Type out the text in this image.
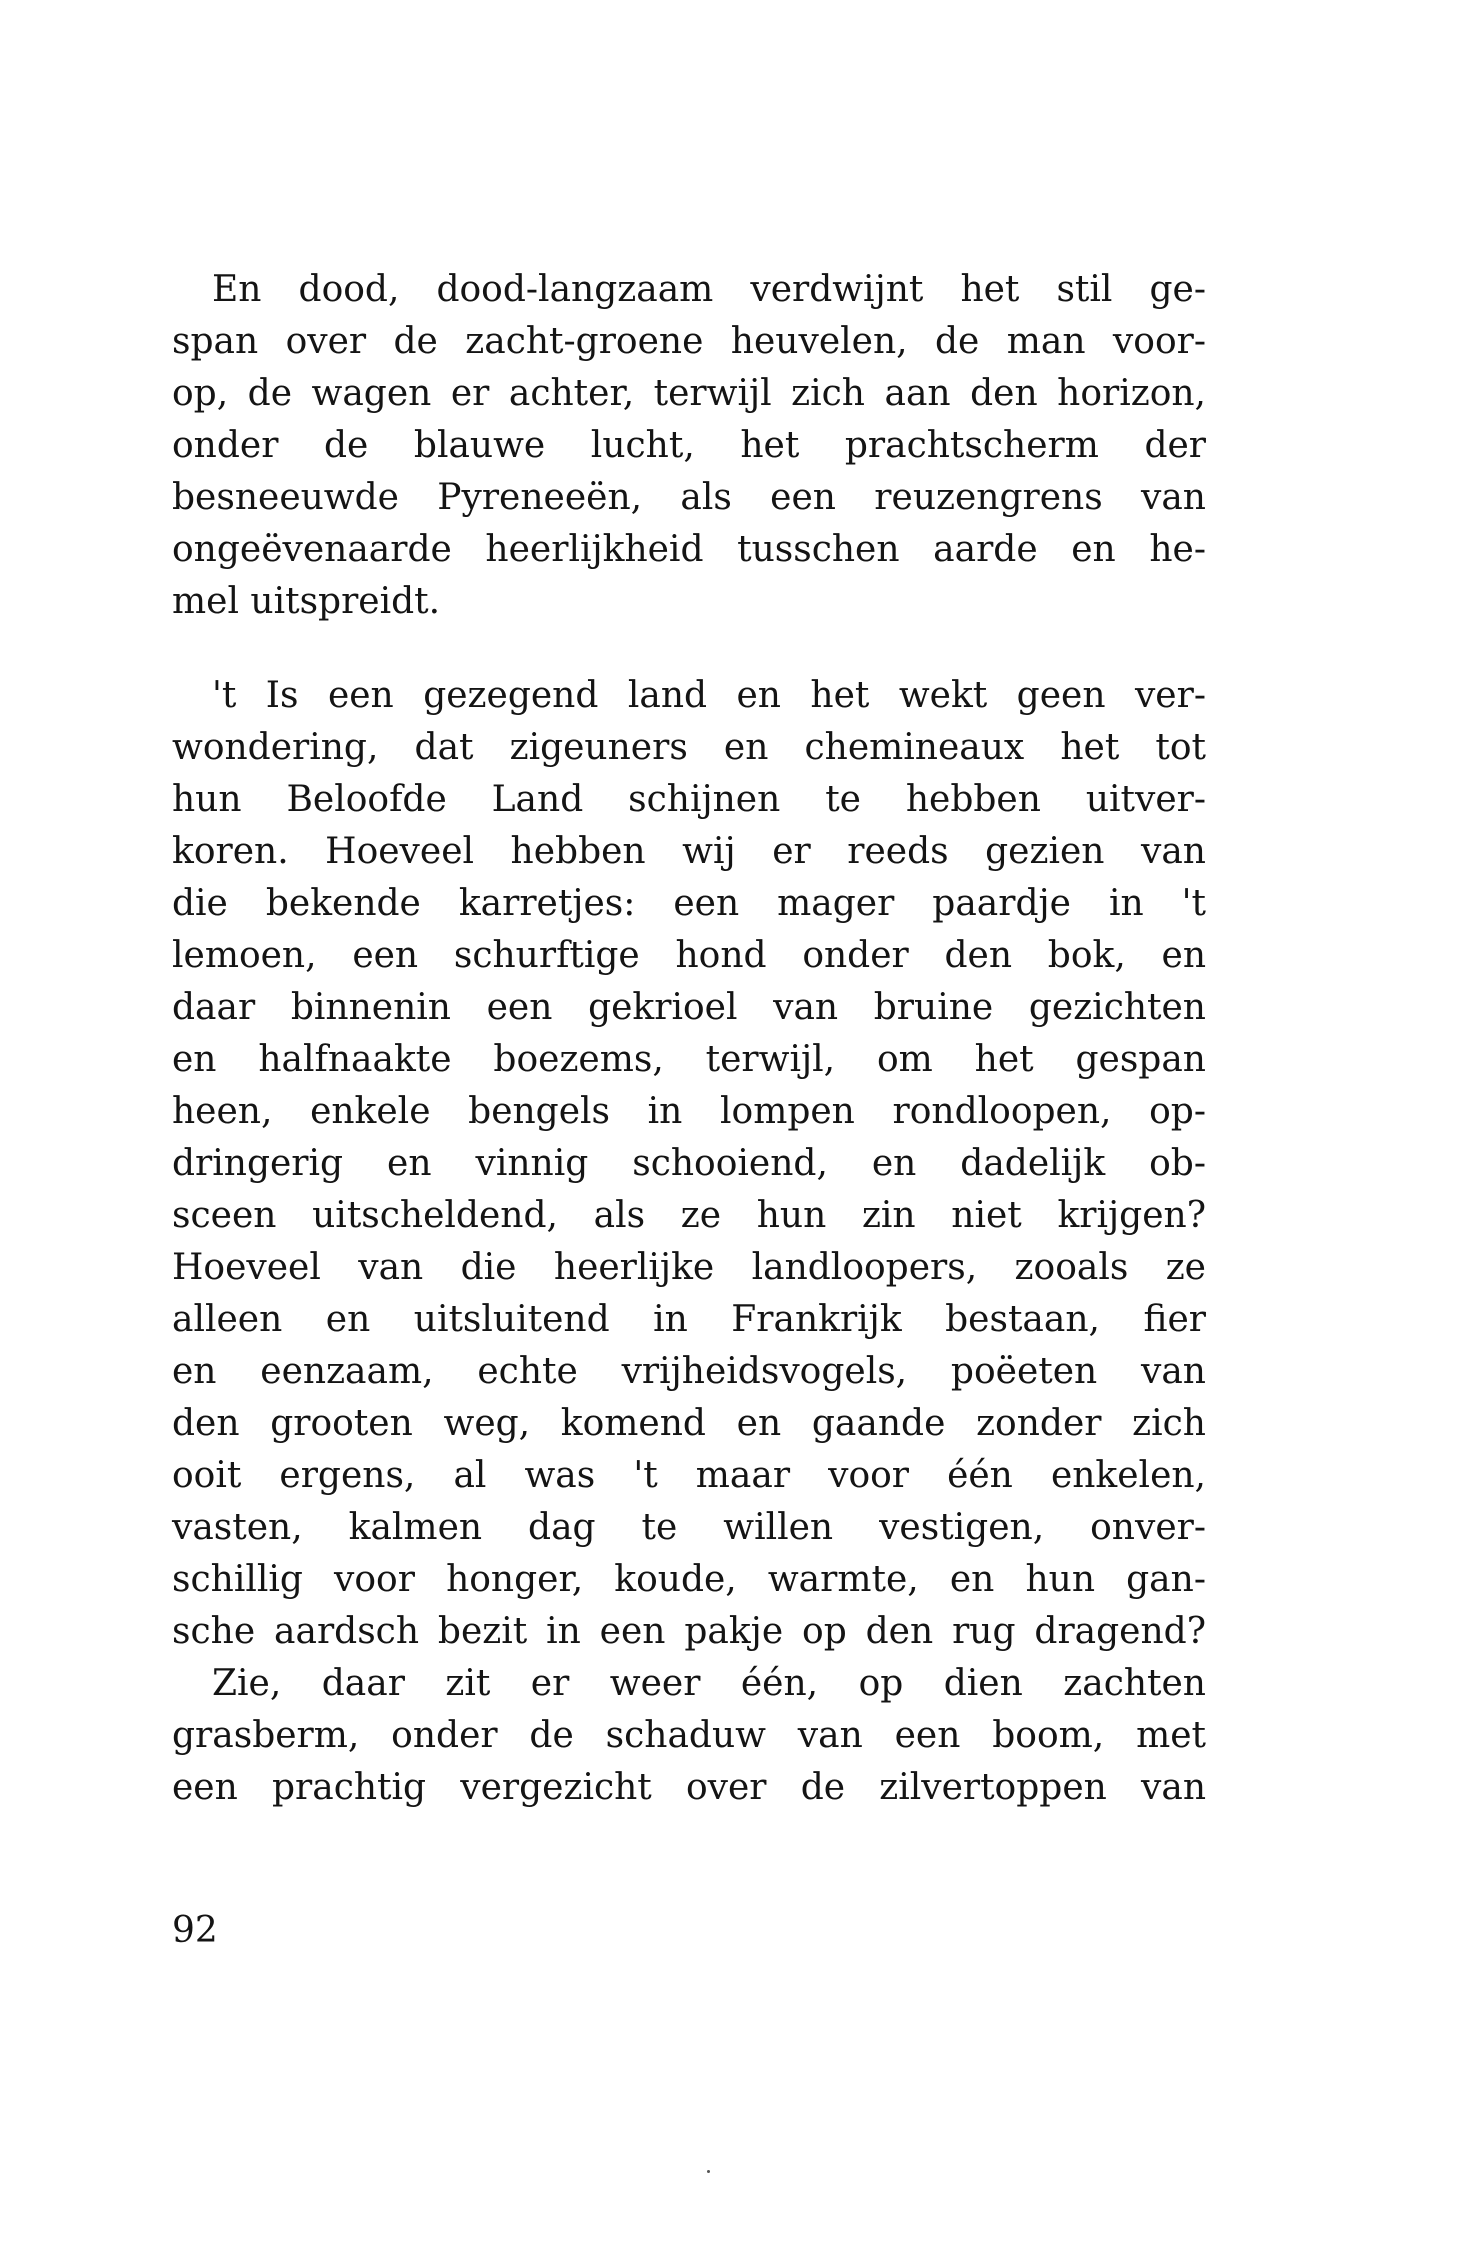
En dood, dood-langzaam verdwijnt het stil ge-
span over de zacht-groene heuvelen, de man voor-
op, de wagen er achter, terwijl zich aan den horizon,
onder de blauwe lucht, het prachtscherm der
besneeuwde Pyreneeën, als een reuzengrens van
ongeëvenaarde heerlijkheid tusschen aarde en he-
mel uitspreidt.
't Is een gezegend land en het wekt geen ver-
wondering, dat zigeuners en chemineaux het tot
hun Beloofde Land schijnen te hebben uitver-
koren. Hoeveel hebben wij er reeds gezien van
die bekende karretjes: een mager paardje in 't
lemoen, een schurftige hond onder den bok, en
daar binnenin een gekrioel van bruine gezichten
en halfnaakte boezems, terwijl, om het gespan
heen, enkele bengels in lompen rondloopen, op-
dringerig en vinnig schooiend, en dadelijk ob-
sceen uitscheldend, als ze hun zin niet krijgen?
Hoeveel van die heerlijke landloopers, zooals ze
alleen en uitsluitend in Frankrijk bestaan, fier
en eenzaam, echte vrijheidsvogels, poëeten van
den grooten weg, komend en gaande zonder zich
ooit ergens, al was 't maar voor één enkelen,
vasten, kalmen dag te willen vestigen, onver-
schillig voor honger, koude, warmte, en hun gan-
sche aardsch bezit in een pakje op den rug dragend?
Zie, daar zit er weer één, op dien zachten
grasberm, onder de schaduw van een boom, met
een prachtig vergezicht over de zilvertoppen van
92
